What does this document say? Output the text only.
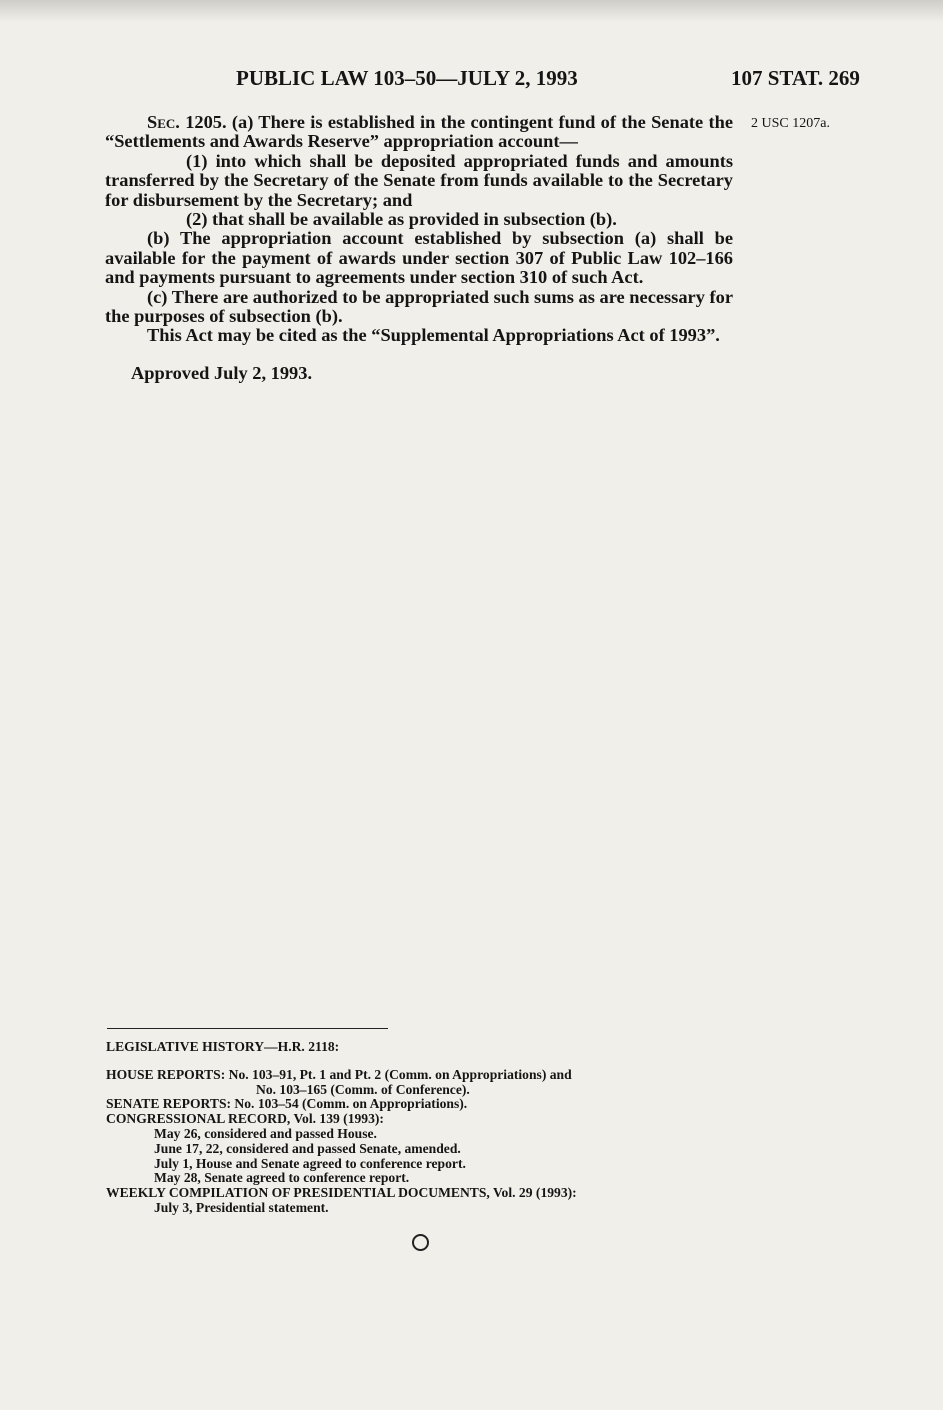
PUBLIC LAW 103–50—JULY 2, 1993	107 STAT. 269
2 USC 1207a.

Sec. 1205. (a) There is established in the contingent fund of the Senate the “Settlements and Awards Reserve” appropriation account—

(1) into which shall be deposited appropriated funds and amounts transferred by the Secretary of the Senate from funds available to the Secretary for disbursement by the Secretary; and

(2) that shall be available as provided in subsection (b).

(b) The appropriation account established by subsection (a) shall be available for the payment of awards under section 307 of Public Law 102–166 and payments pursuant to agreements under section 310 of such Act.

(c) There are authorized to be appropriated such sums as are necessary for the purposes of subsection (b).

This Act may be cited as the “Supplemental Appropriations Act of 1993”.

Approved July 2, 1993.

LEGISLATIVE HISTORY—H.R. 2118:
HOUSE REPORTS: No. 103–91, Pt. 1 and Pt. 2 (Comm. on Appropriations) and
No. 103–165 (Comm. of Conference).
SENATE REPORTS: No. 103–54 (Comm. on Appropriations).
CONGRESSIONAL RECORD, Vol. 139 (1993):
May 26, considered and passed House.
June 17, 22, considered and passed Senate, amended.
July 1, House and Senate agreed to conference report.
May 28, Senate agreed to conference report.
WEEKLY COMPILATION OF PRESIDENTIAL DOCUMENTS, Vol. 29 (1993):
July 3, Presidential statement.
